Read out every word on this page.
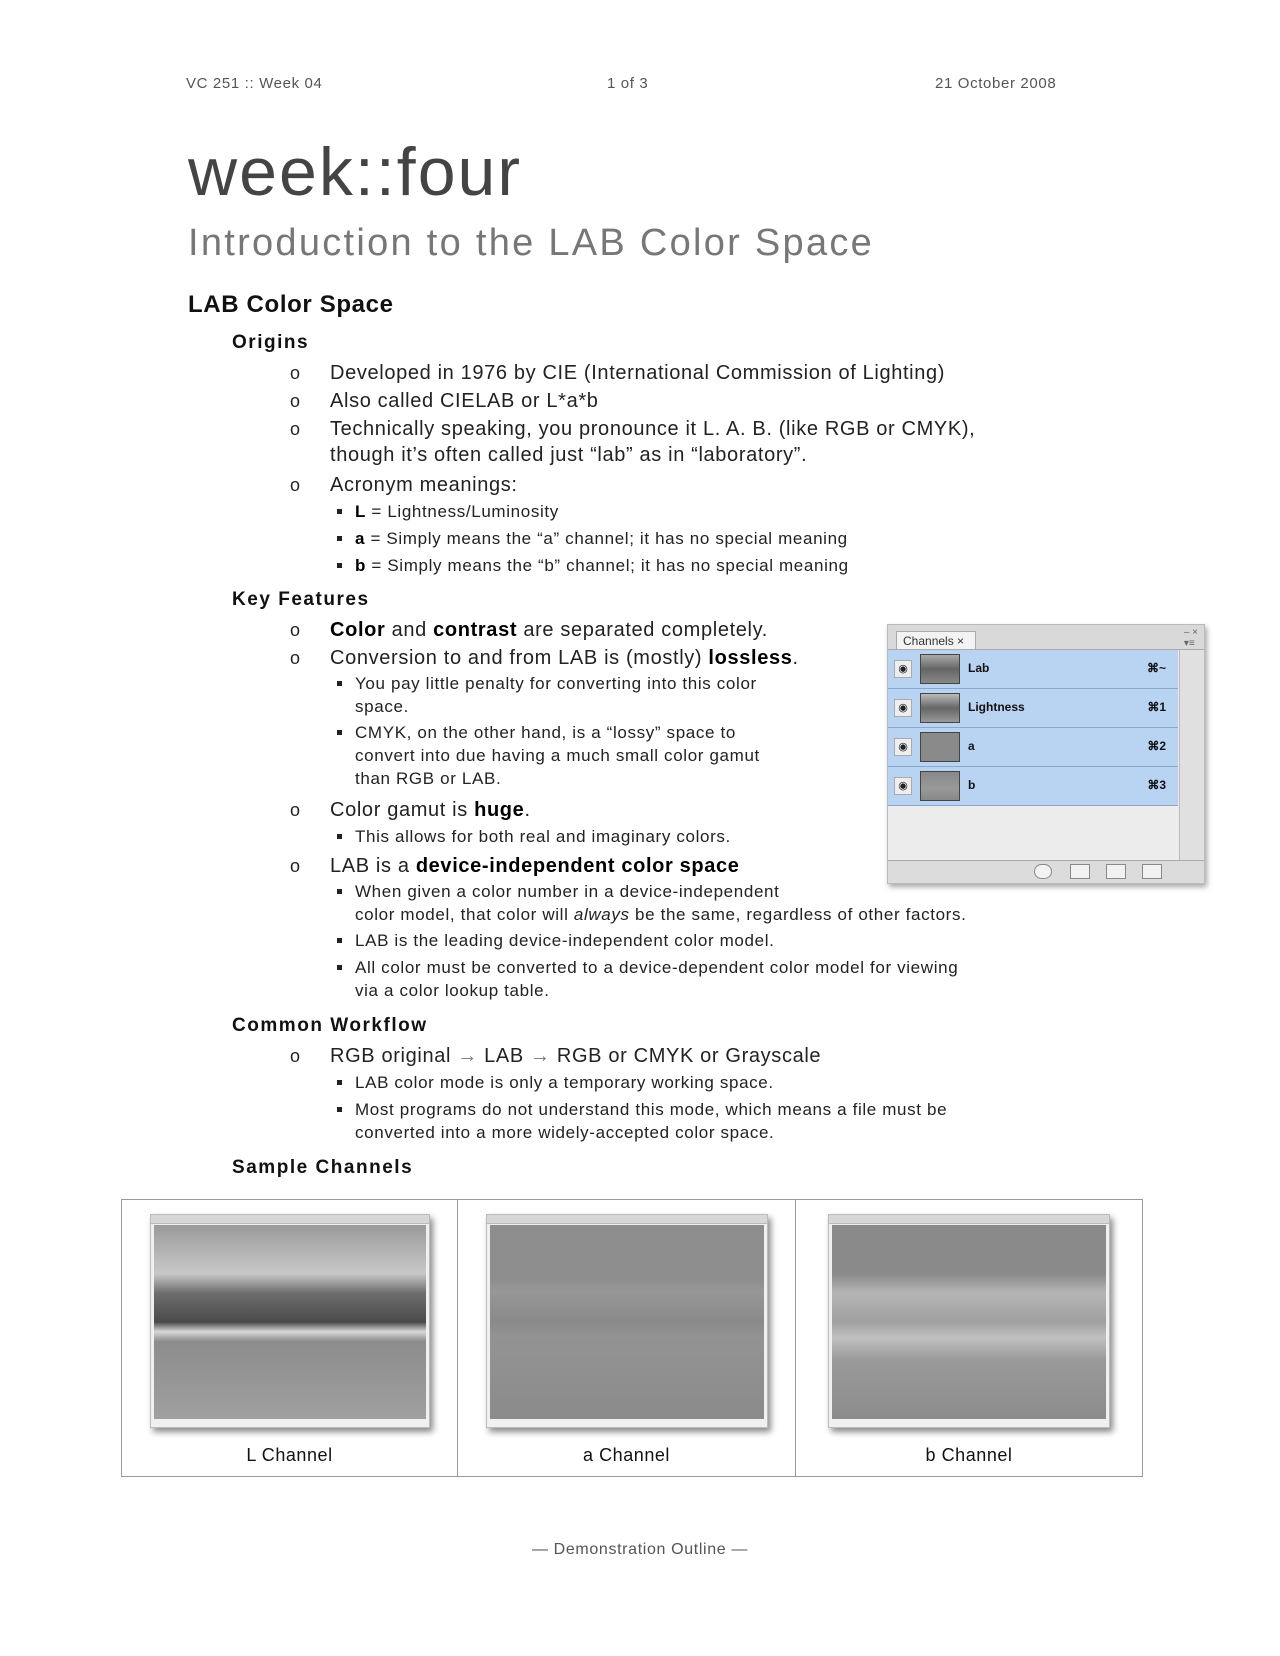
VC 251 :: Week 04	1 of 3	21 October 2008
week::four
Introduction to the LAB Color Space
LAB Color Space
Origins
o Developed in 1976 by CIE (International Commission of Lighting)
o Also called CIELAB or L*a*b
o Technically speaking, you pronounce it L. A. B. (like RGB or CMYK),
though it’s often called just “lab” as in “laboratory”.
o Acronym meanings:
L = Lightness/Luminosity
a = Simply means the “a” channel; it has no special meaning
b = Simply means the “b” channel; it has no special meaning
Key Features
o Color and contrast are separated completely.
o Conversion to and from LAB is (mostly) lossless.
You pay little penalty for converting into this color
space.
CMYK, on the other hand, is a “lossy” space to
convert into due having a much small color gamut
than RGB or LAB.
o Color gamut is huge.
This allows for both real and imaginary colors.
o LAB is a device-independent color space
When given a color number in a device-independent
color model, that color will always be the same, regardless of other factors.
LAB is the leading device-independent color model.
All color must be converted to a device-dependent color model for viewing
via a color lookup table.
Channels ×
– ×
▾≡
◉	Lab	⌘~
◉	Lightness	⌘1
◉	a	⌘2
◉	b	⌘3
Common Workflow
o RGB original → LAB → RGB or CMYK or Grayscale
LAB color mode is only a temporary working space.
Most programs do not understand this mode, which means a file must be
converted into a more widely-accepted color space.
Sample Channels
L Channel	a Channel	b Channel
— Demonstration Outline —
